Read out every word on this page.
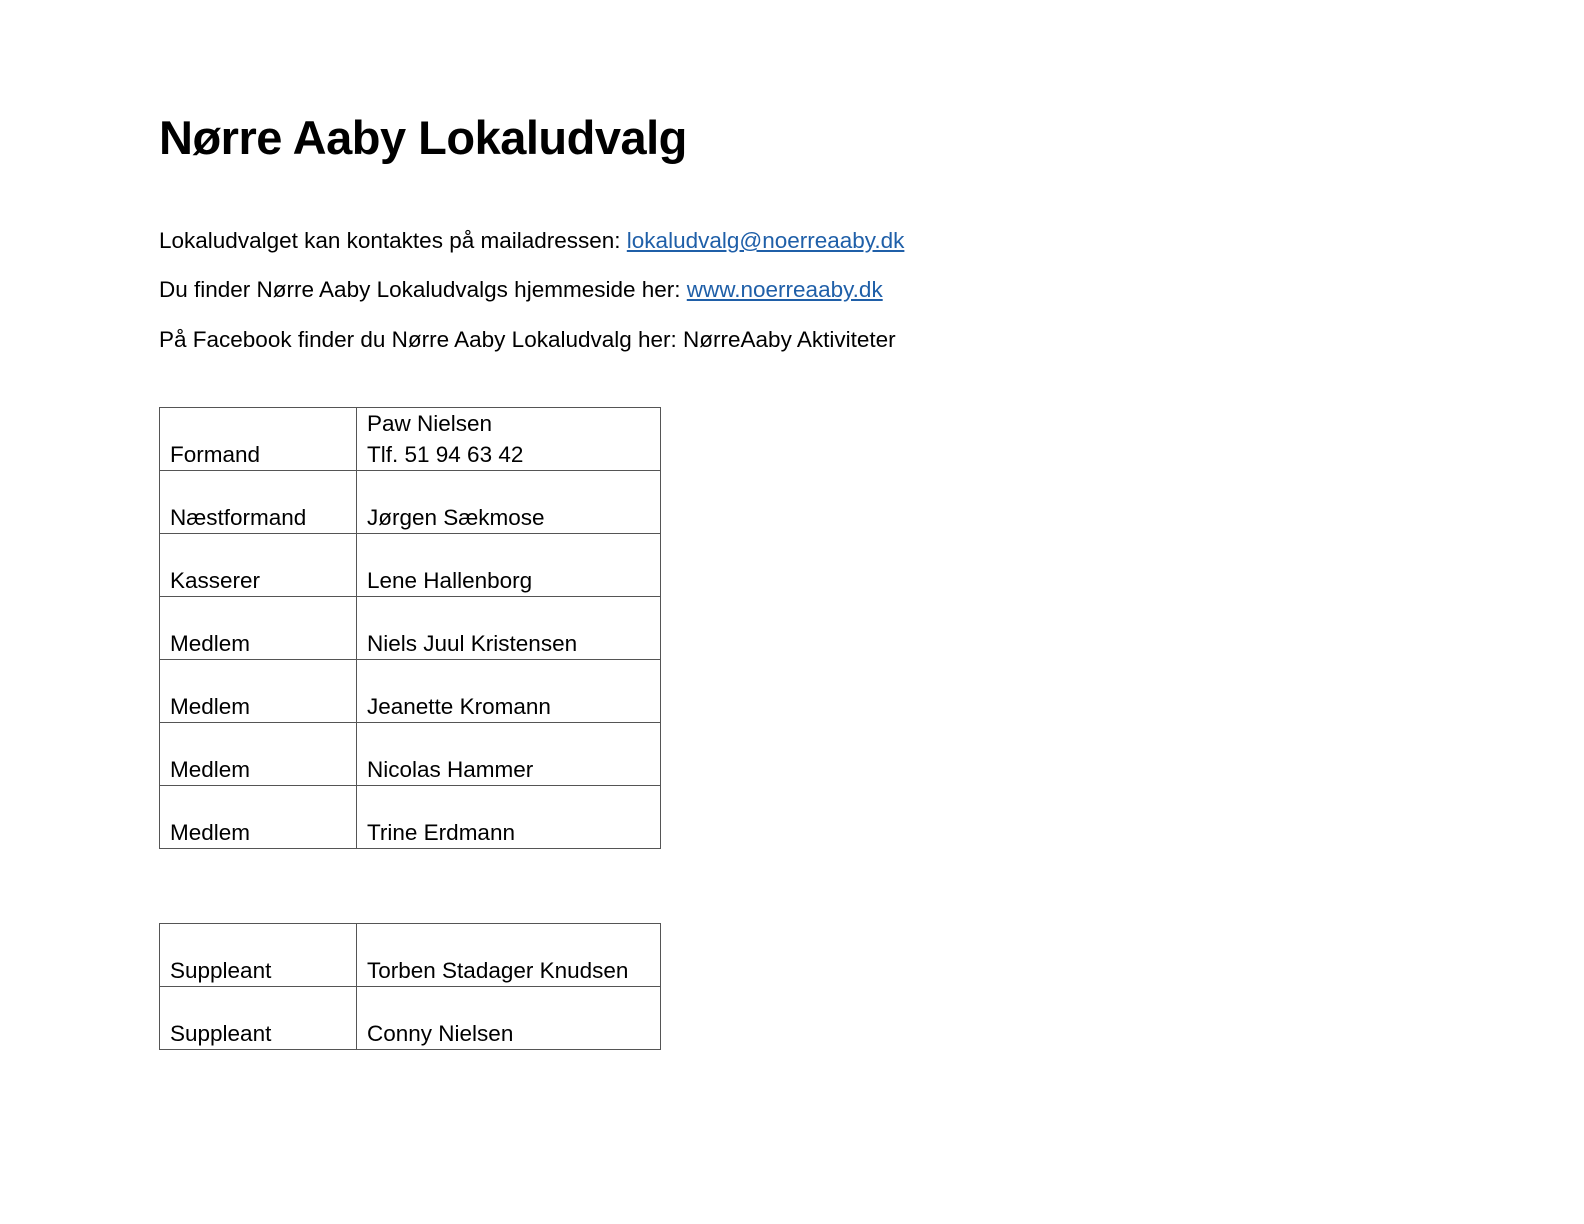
Nørre Aaby Lokaludvalg

Lokaludvalget kan kontaktes på mailadressen: lokaludvalg@noerreaaby.dk

Du finder Nørre Aaby Lokaludvalgs hjemmeside her: www.noerreaaby.dk

På Facebook finder du Nørre Aaby Lokaludvalg her: NørreAaby Aktiviteter

Formand	Paw Nielsen
Tlf. 51 94 63 42

Næstformand	Jørgen Sækmose
Kasserer	Lene Hallenborg
Medlem	Niels Juul Kristensen
Medlem	Jeanette Kromann
Medlem	Nicolas Hammer
Medlem	Trine Erdmann
Suppleant	Torben Stadager Knudsen
Suppleant	Conny Nielsen
